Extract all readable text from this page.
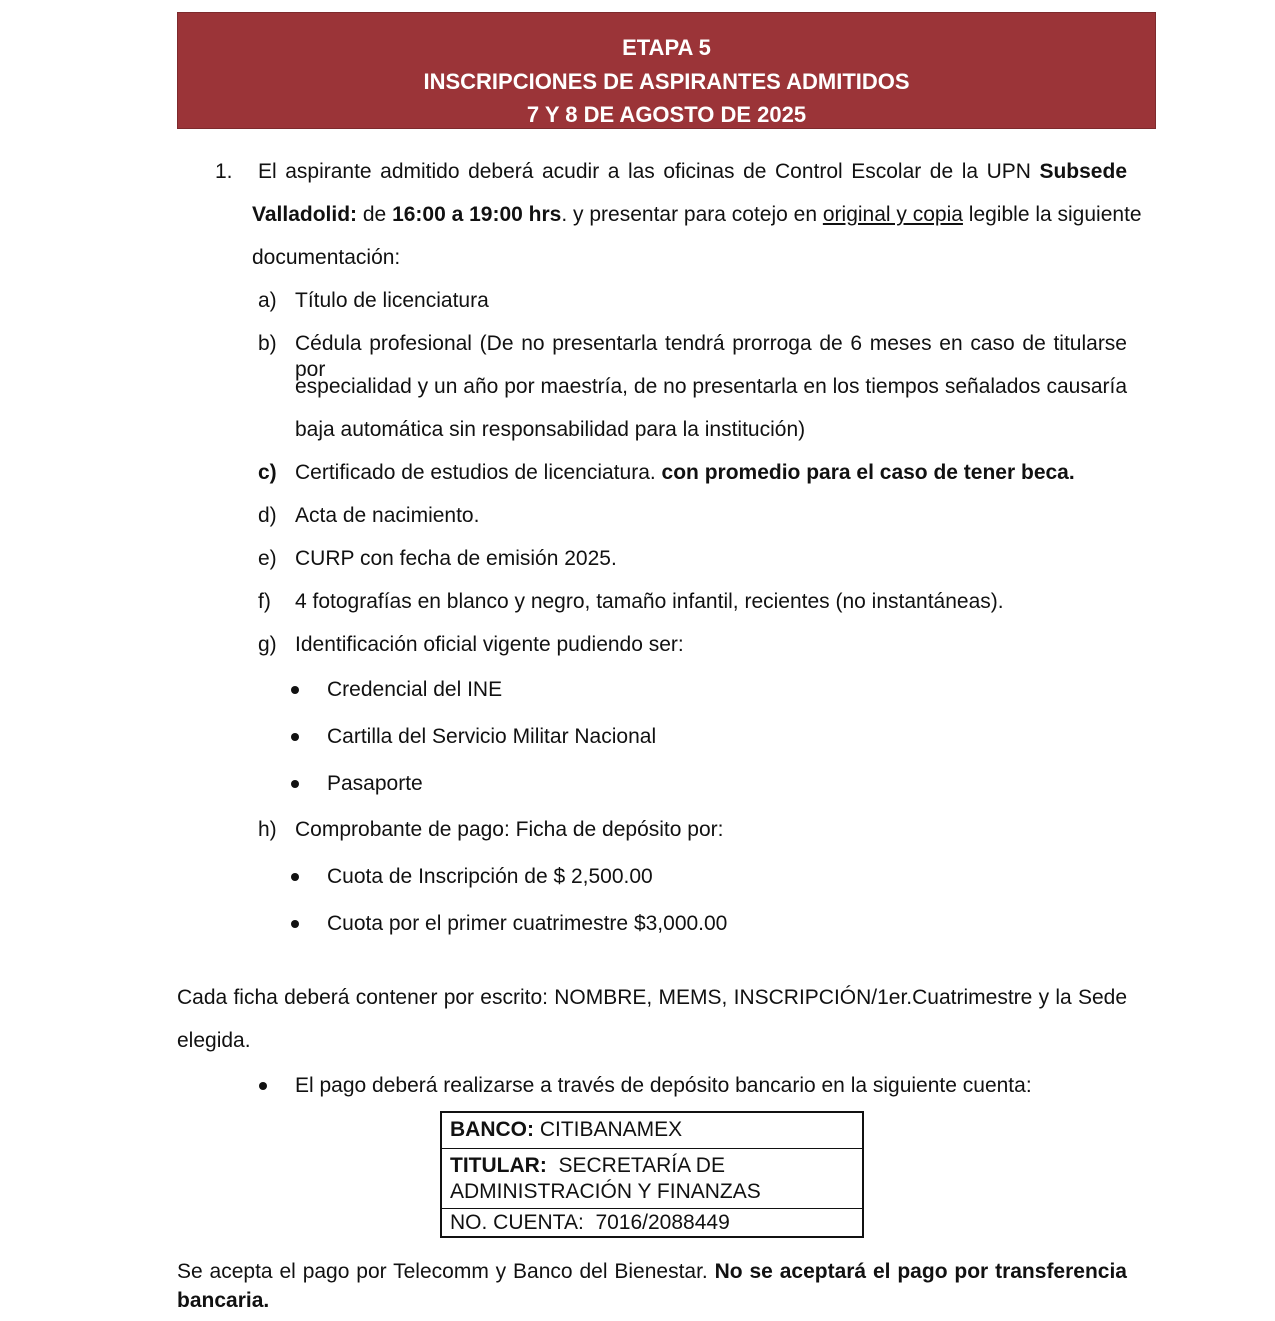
ETAPA 5
INSCRIPCIONES DE ASPIRANTES ADMITIDOS
7 Y 8 DE AGOSTO DE 2025
1. El aspirante admitido deberá acudir a las oficinas de Control Escolar de la UPN Subsede
Valladolid: de 16:00 a 19:00 hrs. y presentar para cotejo en original y copia legible la siguiente
documentación:
a) Título de licenciatura
b) Cédula profesional (De no presentarla tendrá prorroga de 6 meses en caso de titularse por
especialidad y un año por maestría, de no presentarla en los tiempos señalados causaría
baja automática sin responsabilidad para la institución)
c) Certificado de estudios de licenciatura. con promedio para el caso de tener beca.
d) Acta de nacimiento.
e) CURP con fecha de emisión 2025.
f) 4 fotografías en blanco y negro, tamaño infantil, recientes (no instantáneas).
g) Identificación oficial vigente pudiendo ser:
Credencial del INE
Cartilla del Servicio Militar Nacional
Pasaporte
h) Comprobante de pago: Ficha de depósito por:
Cuota de Inscripción de $ 2,500.00
Cuota por el primer cuatrimestre $3,000.00
Cada ficha deberá contener por escrito: NOMBRE, MEMS, INSCRIPCIÓN/1er.Cuatrimestre y la Sede
elegida.
El pago deberá realizarse a través de depósito bancario en la siguiente cuenta:
BANCO: CITIBANAMEX
TITULAR:  SECRETARÍA DE
ADMINISTRACIÓN Y FINANZAS
NO. CUENTA:  7016/2088449
Se acepta el pago por Telecomm y Banco del Bienestar. No se aceptará el pago por transferencia
bancaria.
